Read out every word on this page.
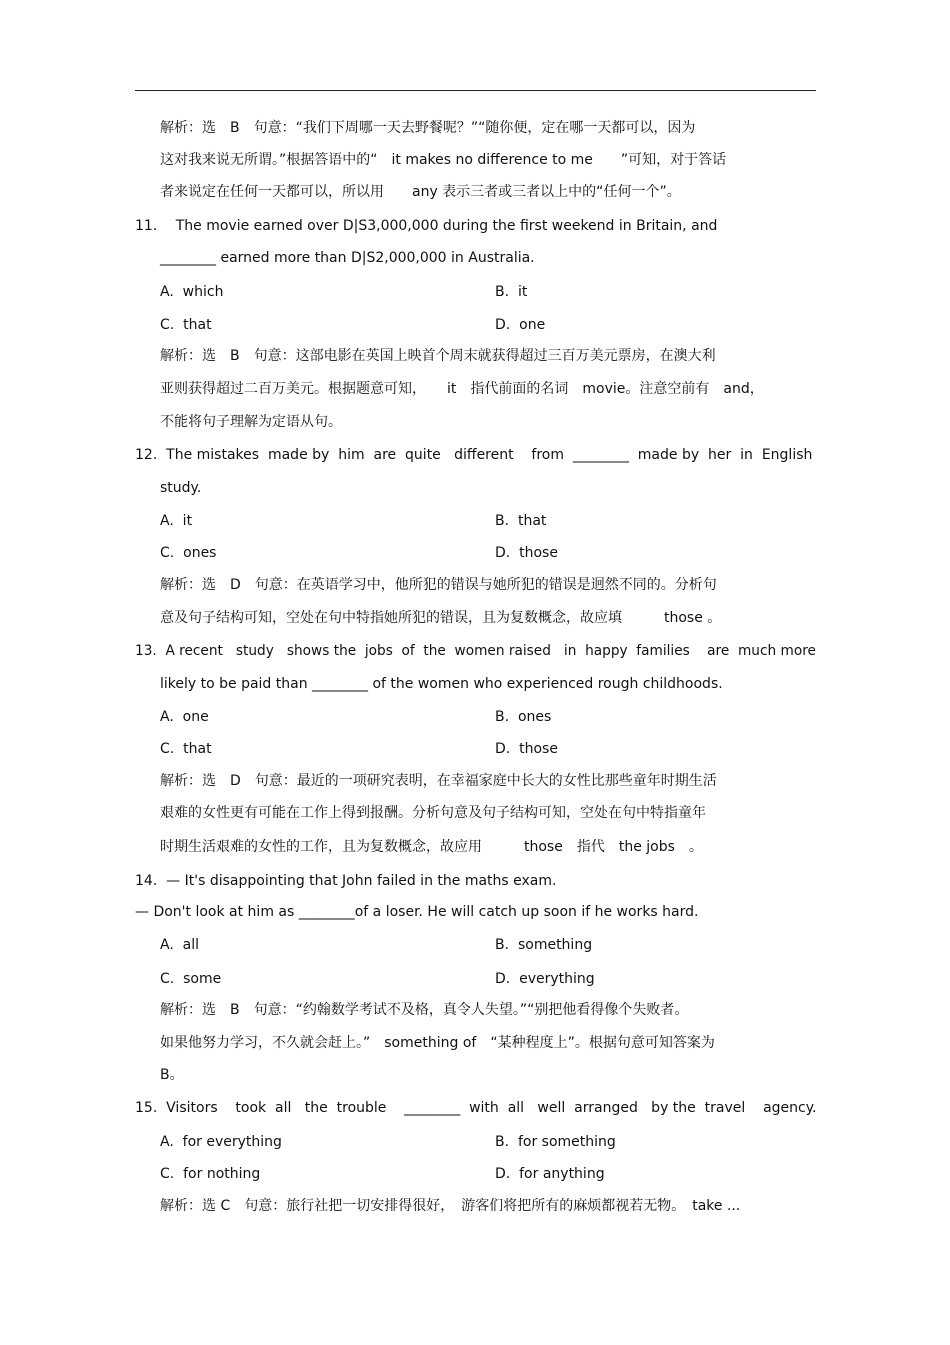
解析：选　B　句意：“我们下周哪一天去野餐呢？”“随你便，定在哪一天都可以，因为
这对我来说无所谓。”根据答语中的“　it makes no difference to me　　”可知，对于答话
者来说定在任何一天都可以，所以用　　any 表示三者或三者以上中的“任何一个”。
11．  The movie earned over D|S3,000,000 during the first weekend in Britain, and
________ earned more than D|S2,000,000 in Australia.
A.  which	B.  it
C.  that	D.  one
解析：选　B　句意：这部电影在英国上映首个周末就获得超过三百万美元票房，在澳大利
亚则获得超过二百万美元。根据题意可知，　　it　指代前面的名词　movie。注意空前有　and，
不能将句子理解为定语从句。
12.  The mistakes  made by  him  are  quite   different    from  ________  made by  her  in  English
study.
A.  it	B.  that
C.  ones	D.  those
解析：选　D　句意：在英语学习中，他所犯的错误与她所犯的错误是迥然不同的。分析句
意及句子结构可知，空处在句中特指她所犯的错误，且为复数概念，故应填　　　those 。
13.  A recent   study   shows the  jobs  of  the  women raised   in  happy  families    are  much more
likely to be paid than ________ of the women who experienced rough childhoods.
A.  one	B.  ones
C.  that	D.  those
解析：选　D　句意：最近的一项研究表明，在幸福家庭中长大的女性比那些童年时期生活
艰难的女性更有可能在工作上得到报酬。分析句意及句子结构可知，空处在句中特指童年
时期生活艰难的女性的工作，且为复数概念，故应用　　　those　指代　the jobs　。
14.  — It's disappointing that John failed in the maths exam.
— Don't look at him as ________of a loser. He will catch up soon if he works hard.
A.  all	B.  something
C.  some	D.  everything
解析：选　B　句意：“约翰数学考试不及格，真令人失望。”“别把他看得像个失败者。
如果他努力学习，不久就会赶上。”　something of　“某种程度上”。根据句意可知答案为
B。
15.  Visitors    took  all   the  trouble    ________  with  all   well  arranged   by the  travel    agency.
A.  for everything	B.  for something
C.  for nothing	D.  for anything
解析：选 C　句意：旅行社把一切安排得很好，　游客们将把所有的麻烦都视若无物。　take ...
